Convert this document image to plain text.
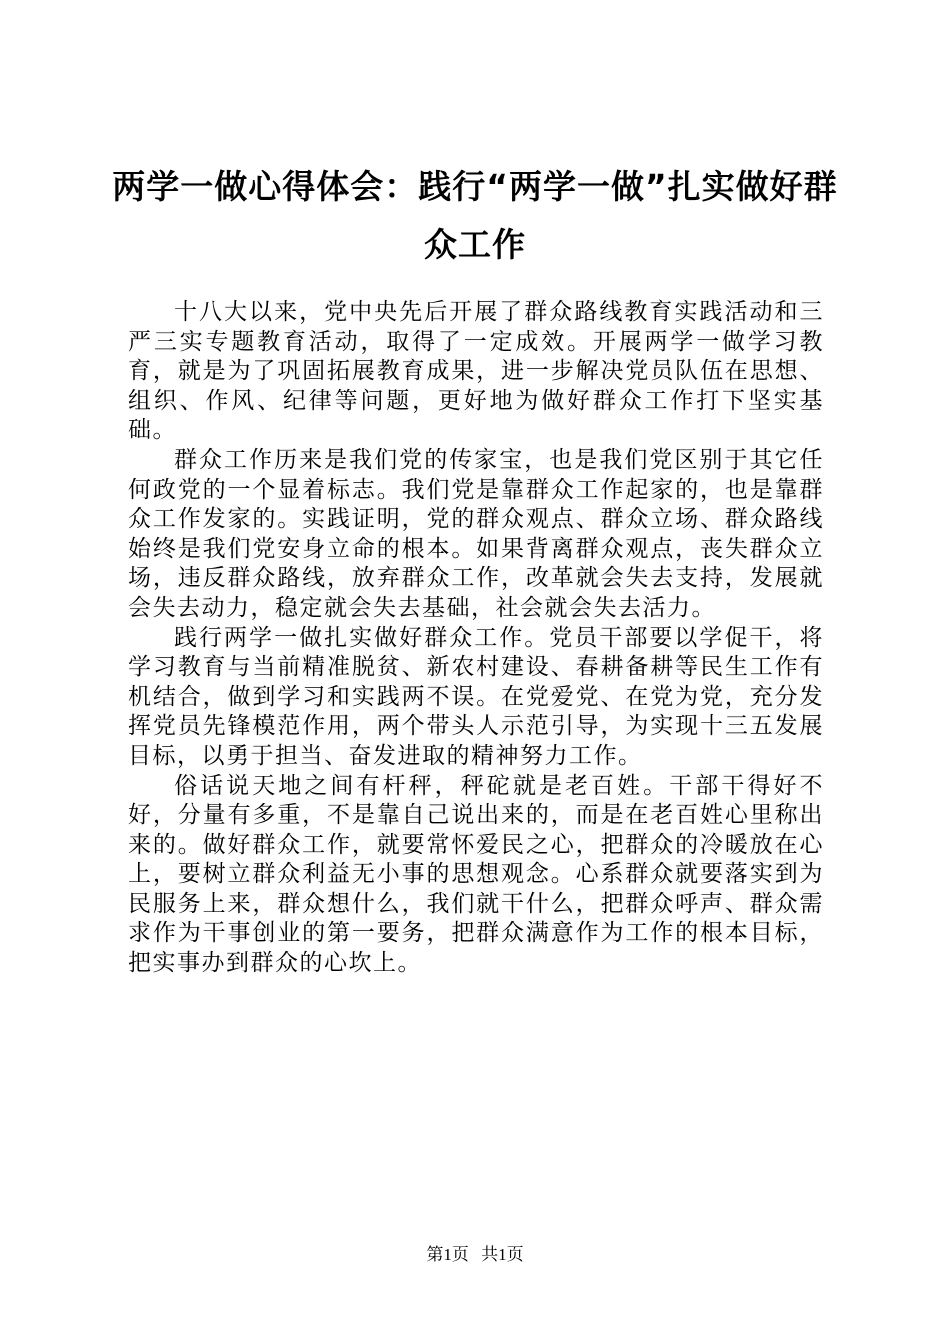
两学一做心得体会：践行“两学一做”扎实做好群众工作

十八大以来，党中央先后开展了群众路线教育实践活动和三严三实专题教育活动，取得了一定成效。开展两学一做学习教育，就是为了巩固拓展教育成果，进一步解决党员队伍在思想、组织、作风、纪律等问题，更好地为做好群众工作打下坚实基础。

群众工作历来是我们党的传家宝，也是我们党区别于其它任何政党的一个显着标志。我们党是靠群众工作起家的，也是靠群众工作发家的。实践证明，党的群众观点、群众立场、群众路线始终是我们党安身立命的根本。如果背离群众观点，丧失群众立场，违反群众路线，放弃群众工作，改革就会失去支持，发展就会失去动力，稳定就会失去基础，社会就会失去活力。

践行两学一做扎实做好群众工作。党员干部要以学促干，将学习教育与当前精准脱贫、新农村建设、春耕备耕等民生工作有机结合，做到学习和实践两不误。在党爱党、在党为党，充分发挥党员先锋模范作用，两个带头人示范引导，为实现十三五发展目标，以勇于担当、奋发进取的精神努力工作。

俗话说天地之间有杆秤，秤砣就是老百姓。干部干得好不好，分量有多重，不是靠自己说出来的，而是在老百姓心里称出来的。做好群众工作，就要常怀爱民之心，把群众的冷暖放在心上，要树立群众利益无小事的思想观念。心系群众就要落实到为民服务上来，群众想什么，我们就干什么，把群众呼声、群众需求作为干事创业的第一要务，把群众满意作为工作的根本目标，把实事办到群众的心坎上。

第1页 共1页
